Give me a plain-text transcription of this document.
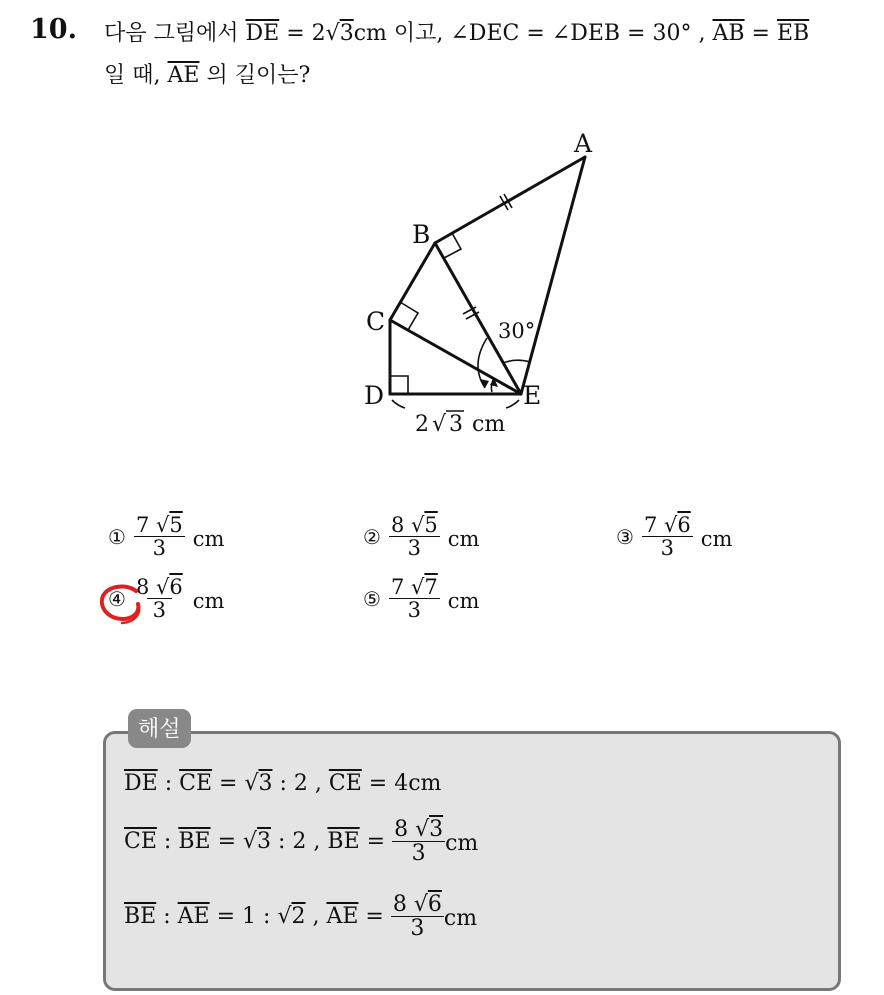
10. 다음 그림에서 $\overline{DE} = 2√3cm$ 이고, ∠DEC = ∠DEB = 30° , $\overline{AB} = \overline{EB}$
일 때, $\overline{AE}$ 의 길이는?
A
B
C
D	E
30°
2 √ 3 cm
① $\frac{7 √5}{3}$ cm	② $\frac{8 √5}{3}$ cm	③ $\frac{7 √6}{3}$ cm
④ $\frac{8 √6}{3}$ cm	⑤ $\frac{7 √7}{3}$ cm
해설
$\overline{DE}$
:
$\overline{CE}$
= √ 3
: 2 ,
$\overline{CE}$
=
4cm
$\overline{CE}$
:
$\overline{BE}$
= √ 3
: 2 ,
$\overline{BE}$
=
$\frac{8 √3}{3}$ cm
$\overline{BE}$
:
$\overline{AE}$
= 1 : √ 2
,
$\overline{AE}$
=
$\frac{8 √6}{3}$ cm
